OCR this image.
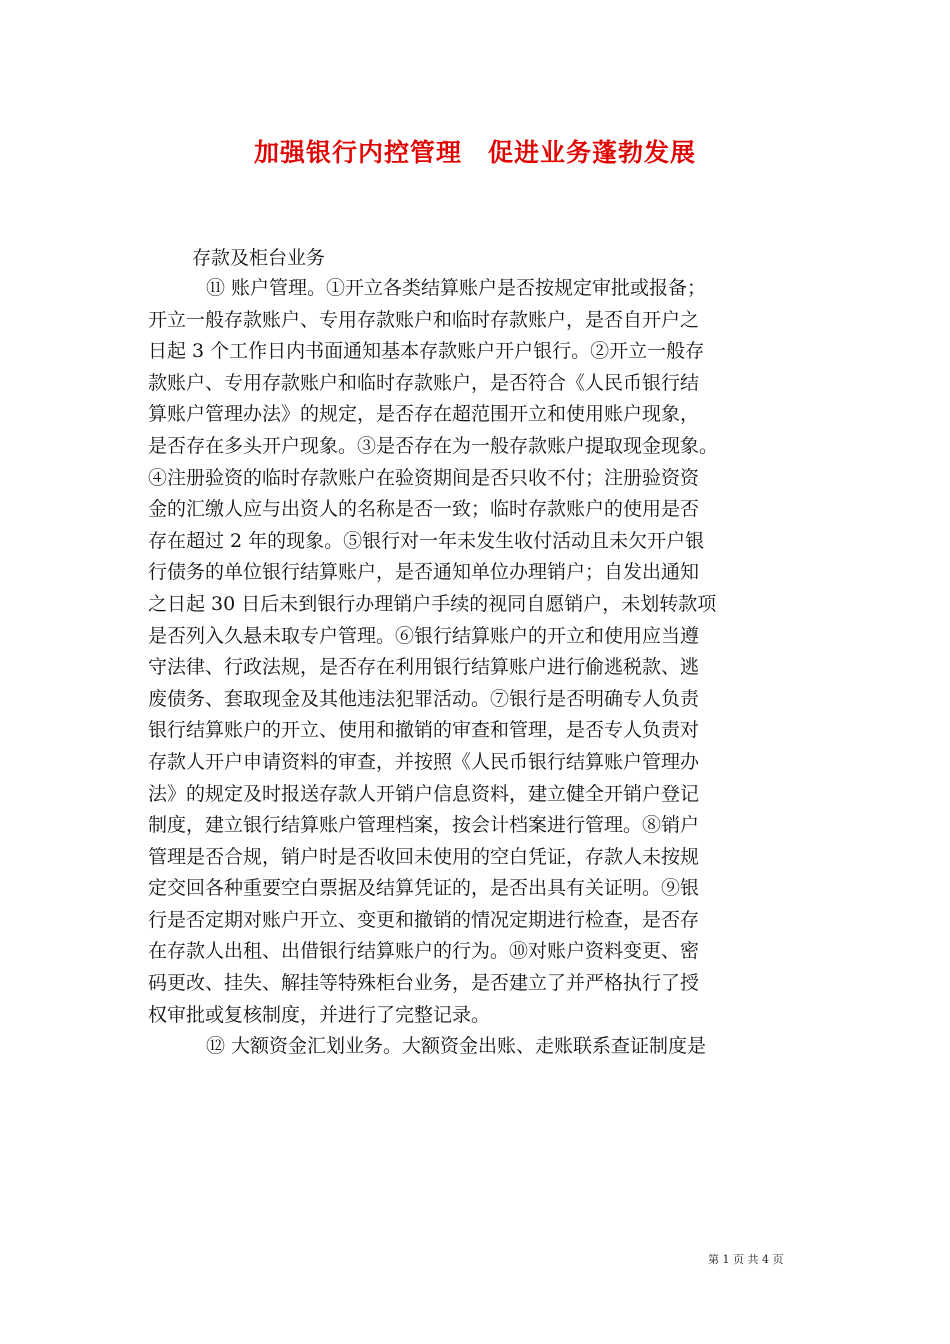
加强银行内控管理　促进业务蓬勃发展
存款及柜台业务
⑪ 账户管理。①开立各类结算账户是否按规定审批或报备；
开立一般存款账户、专用存款账户和临时存款账户，是否自开户之
日起 3 个工作日内书面通知基本存款账户开户银行。②开立一般存
款账户、专用存款账户和临时存款账户，是否符合《人民币银行结
算账户管理办法》的规定，是否存在超范围开立和使用账户现象，
是否存在多头开户现象。③是否存在为一般存款账户提取现金现象。
④注册验资的临时存款账户在验资期间是否只收不付；注册验资资
金的汇缴人应与出资人的名称是否一致；临时存款账户的使用是否
存在超过 2 年的现象。⑤银行对一年未发生收付活动且未欠开户银
行债务的单位银行结算账户，是否通知单位办理销户；自发出通知
之日起 30 日后未到银行办理销户手续的视同自愿销户，未划转款项
是否列入久悬未取专户管理。⑥银行结算账户的开立和使用应当遵
守法律、行政法规，是否存在利用银行结算账户进行偷逃税款、逃
废债务、套取现金及其他违法犯罪活动。⑦银行是否明确专人负责
银行结算账户的开立、使用和撤销的审查和管理，是否专人负责对
存款人开户申请资料的审查，并按照《人民币银行结算账户管理办
法》的规定及时报送存款人开销户信息资料，建立健全开销户登记
制度，建立银行结算账户管理档案，按会计档案进行管理。⑧销户
管理是否合规，销户时是否收回未使用的空白凭证，存款人未按规
定交回各种重要空白票据及结算凭证的，是否出具有关证明。⑨银
行是否定期对账户开立、变更和撤销的情况定期进行检查，是否存
在存款人出租、出借银行结算账户的行为。⑩对账户资料变更、密
码更改、挂失、解挂等特殊柜台业务，是否建立了并严格执行了授
权审批或复核制度，并进行了完整记录。
⑫ 大额资金汇划业务。大额资金出账、走账联系查证制度是
第 1 页 共 4 页
